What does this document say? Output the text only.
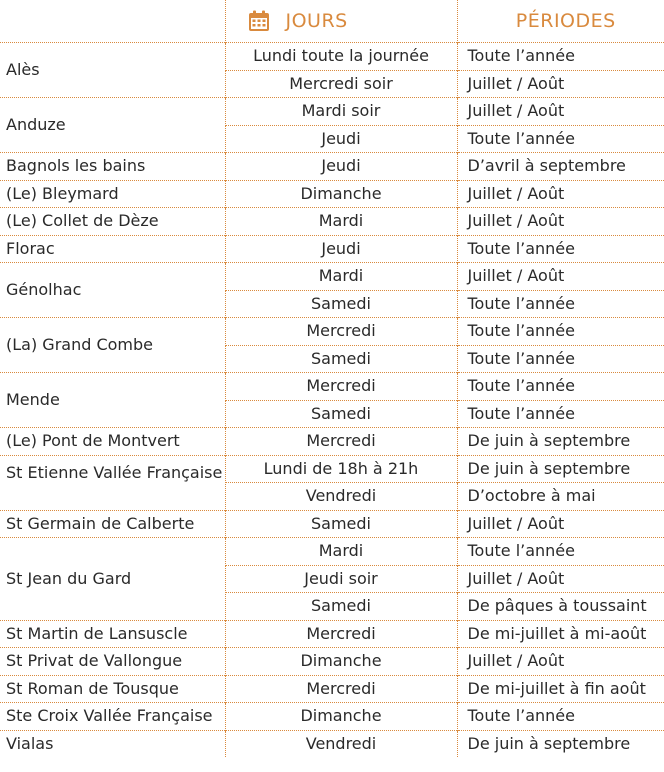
	JOURS	PÉRIODES
Alès	Lundi toute la journée	Toute l’année
	Mercredi soir	Juillet / Août
Anduze	Mardi soir	Juillet / Août
	Jeudi	Toute l’année
Bagnols les bains	Jeudi	D’avril à septembre
(Le) Bleymard	Dimanche	Juillet / Août
(Le) Collet de Dèze	Mardi	Juillet / Août
Florac	Jeudi	Toute l’année
Génolhac	Mardi	Juillet / Août
	Samedi	Toute l’année
(La) Grand Combe	Mercredi	Toute l’année
	Samedi	Toute l’année
Mende	Mercredi	Toute l’année
	Samedi	Toute l’année
(Le) Pont de Montvert	Mercredi	De juin à septembre
St Etienne Vallée Française	Lundi de 18h à 21h	De juin à septembre
	Vendredi	D’octobre à mai
St Germain de Calberte	Samedi	Juillet / Août
St Jean du Gard	Mardi	Toute l’année
	Jeudi soir	Juillet / Août
	Samedi	De pâques à toussaint
St Martin de Lansuscle	Mercredi	De mi-juillet à mi-août
St Privat de Vallongue	Dimanche	Juillet / Août
St Roman de Tousque	Mercredi	De mi-juillet à fin août
Ste Croix Vallée Française	Dimanche	Toute l’année
Vialas	Vendredi	De juin à septembre
